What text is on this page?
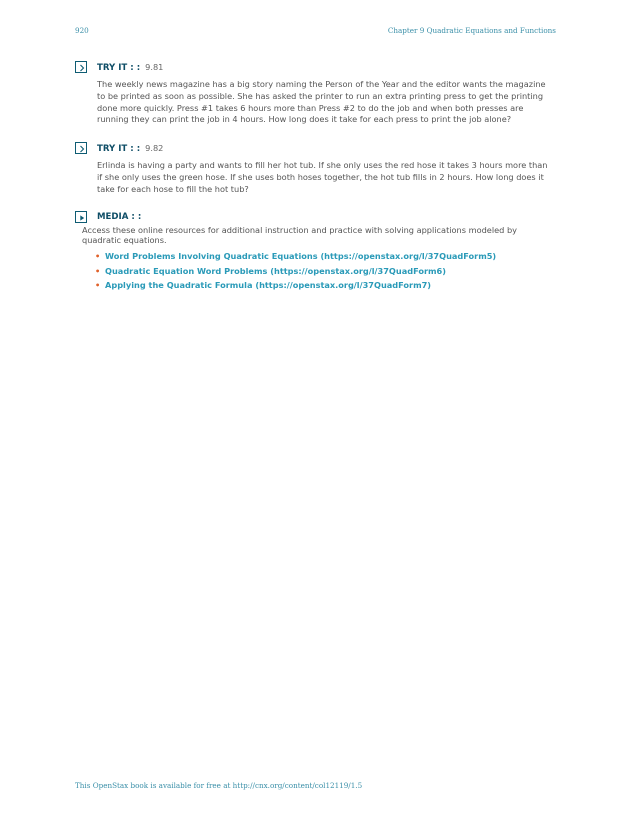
920	Chapter 9 Quadratic Equations and Functions
TRY IT : : 9.81
The weekly news magazine has a big story naming the Person of the Year and the editor wants the magazine to be printed as soon as possible. She has asked the printer to run an extra printing press to get the printing done more quickly. Press #1 takes 6 hours more than Press #2 to do the job and when both presses are running they can print the job in 4 hours. How long does it take for each press to print the job alone?
TRY IT : : 9.82
Erlinda is having a party and wants to fill her hot tub. If she only uses the red hose it takes 3 hours more than if she only uses the green hose. If she uses both hoses together, the hot tub fills in 2 hours. How long does it take for each hose to fill the hot tub?
MEDIA : :
Access these online resources for additional instruction and practice with solving applications modeled by quadratic equations.
• Word Problems Involving Quadratic Equations (https://openstax.org/l/37QuadForm5)
• Quadratic Equation Word Problems (https://openstax.org/l/37QuadForm6)
• Applying the Quadratic Formula (https://openstax.org/l/37QuadForm7)
This OpenStax book is available for free at http://cnx.org/content/col12119/1.5
